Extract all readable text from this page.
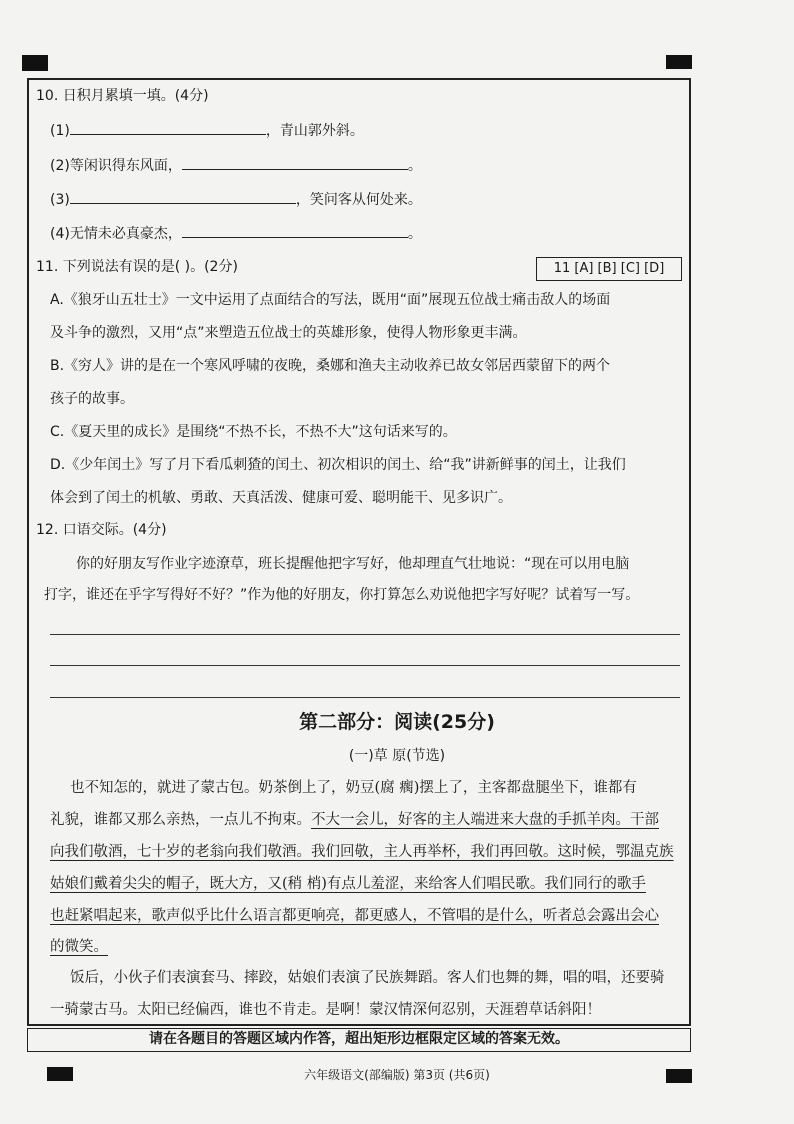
10. 日积月累填一填。(4分)
(1)	，青山郭外斜。
(2)等闲识得东风面，	。
(3)	，笑问客从何处来。
(4)无情未必真豪杰，	。
11. 下列说法有误的是( )。(2分)	11 [A] [B] [C] [D]
A.《狼牙山五壮士》一文中运用了点面结合的写法，既用“面”展现五位战士痛击敌人的场面
及斗争的激烈，又用“点”来塑造五位战士的英雄形象，使得人物形象更丰满。
B.《穷人》讲的是在一个寒风呼啸的夜晚，桑娜和渔夫主动收养已故女邻居西蒙留下的两个
孩子的故事。
C.《夏天里的成长》是围绕“不热不长，不热不大”这句话来写的。
D.《少年闰土》写了月下看瓜刺猹的闰土、初次相识的闰土、给“我”讲新鲜事的闰土，让我们
体会到了闰土的机敏、勇敢、天真活泼、健康可爱、聪明能干、见多识广。
12. 口语交际。(4分)
你的好朋友写作业字迹潦草，班长提醒他把字写好，他却理直气壮地说：“现在可以用电脑
打字，谁还在乎字写得好不好？”作为他的好朋友，你打算怎么劝说他把字写好呢？试着写一写。
第二部分：阅读(25分)
(一)草 原(节选)
也不知怎的，就进了蒙古包。奶茶倒上了，奶豆(腐 瘸)摆上了，主客都盘腿坐下，谁都有
礼貌，谁都又那么亲热，一点儿不拘束。不大一会儿，好客的主人端进来大盘的手抓羊肉。干部
向我们敬酒，七十岁的老翁向我们敬酒。我们回敬，主人再举杯，我们再回敬。这时候，鄂温克族
姑娘们戴着尖尖的帽子，既大方，又(稍 梢)有点儿羞涩，来给客人们唱民歌。我们同行的歌手
也赶紧唱起来，歌声似乎比什么语言都更响亮，都更感人，不管唱的是什么，听者总会露出会心
的微笑。
饭后，小伙子们表演套马、摔跤，姑娘们表演了民族舞蹈。客人们也舞的舞，唱的唱，还要骑
一骑蒙古马。太阳已经偏西，谁也不肯走。是啊！蒙汉情深何忍别，天涯碧草话斜阳！
请在各题目的答题区域内作答，超出矩形边框限定区域的答案无效。
六年级语文(部编版) 第3页 (共6页)
